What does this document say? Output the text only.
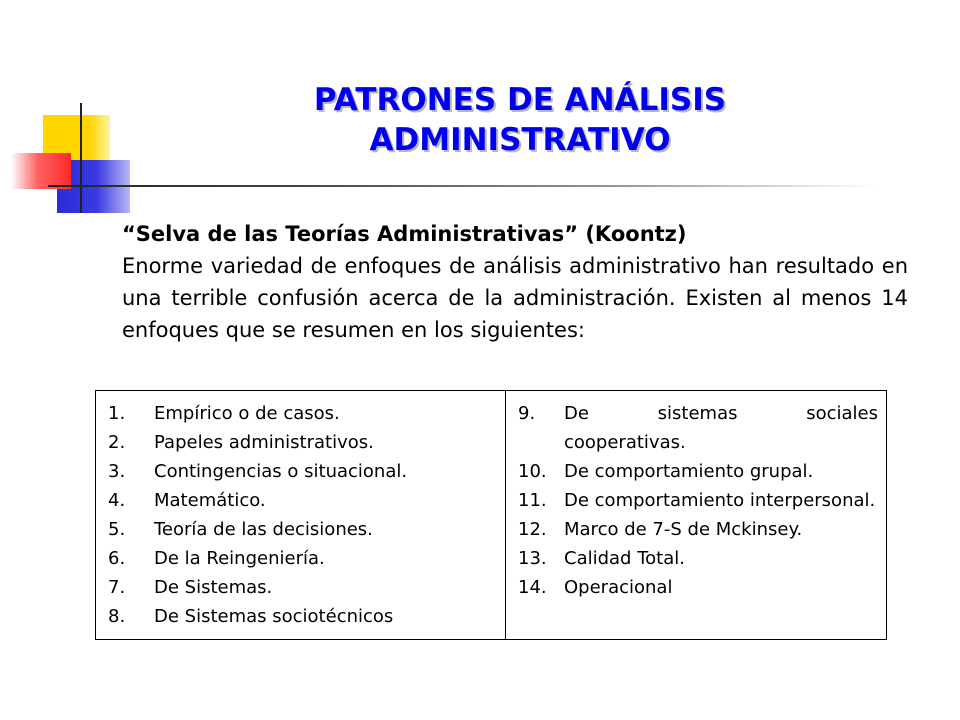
PATRONES DE ANÁLISIS
ADMINISTRATIVO

“Selva de las Teorías Administrativas” (Koontz)

Enorme variedad de enfoques de análisis administrativo han resultado en una terrible confusión acerca de la administración. Existen al menos 14 enfoques que se resumen en los siguientes:

1.	Empírico o de casos.
2.	Papeles administrativos.
3.	Contingencias o situacional.
4.	Matemático.
5.	Teoría de las decisiones.
6.	De la Reingeniería.
7.	De Sistemas.
8.	De Sistemas sociotécnicos
9.	De sistemas sociales cooperativas.
10. De comportamiento grupal.
11. De comportamiento interpersonal.
12. Marco de 7-S de Mckinsey.
13. Calidad Total.
14. Operacional
